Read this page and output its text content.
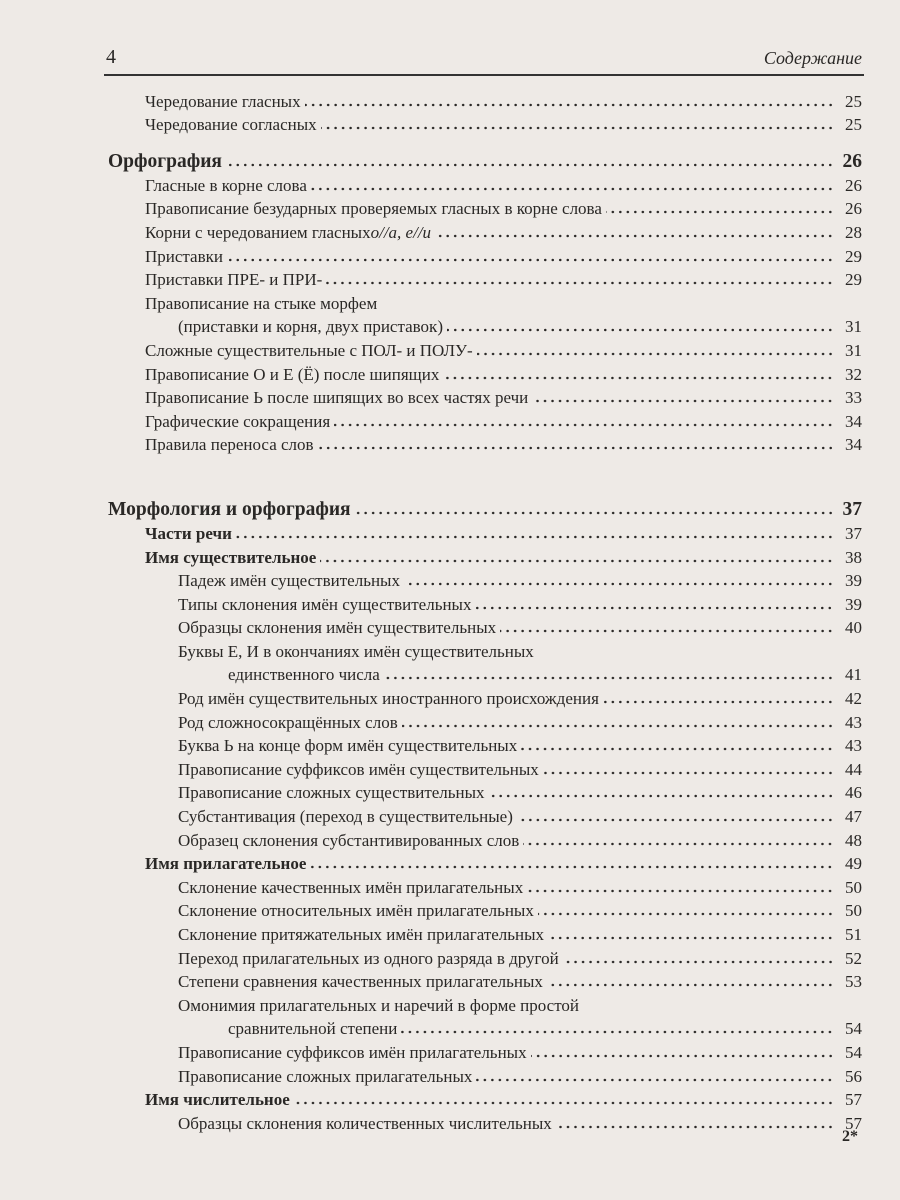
4	Содержание
Чередование гласных	25
Чередование согласных	25
Орфография	26
Гласные в корне слова	26
Правописание безударных проверяемых гласных в корне слова	26
Корни с чередованием гласных о//а, е//и	28
Приставки	29
Приставки ПРЕ- и ПРИ-	29
Правописание на стыке морфем
(приставки и корня, двух приставок)	31
Сложные существительные с ПОЛ- и ПОЛУ-	31
Правописание О и Е (Ё) после шипящих	32
Правописание Ь после шипящих во всех частях речи	33
Графические сокращения	34
Правила переноса слов	34
Морфология и орфография	37
Части речи	37
Имя существительное	38
Падеж имён существительных	39
Типы склонения имён существительных	39
Образцы склонения имён существительных	40
Буквы Е, И в окончаниях имён существительных
единственного числа	41
Род имён существительных иностранного происхождения	42
Род сложносокращённых слов	43
Буква Ь на конце форм имён существительных	43
Правописание суффиксов имён существительных	44
Правописание сложных существительных	46
Субстантивация (переход в существительные)	47
Образец склонения субстантивированных слов	48
Имя прилагательное	49
Склонение качественных имён прилагательных	50
Склонение относительных имён прилагательных	50
Склонение притяжательных имён прилагательных	51
Переход прилагательных из одного разряда в другой	52
Степени сравнения качественных прилагательных	53
Омонимия прилагательных и наречий в форме простой
сравнительной степени	54
Правописание суффиксов имён прилагательных	54
Правописание сложных прилагательных	56
Имя числительное	57
Образцы склонения количественных числительных	57
2*
